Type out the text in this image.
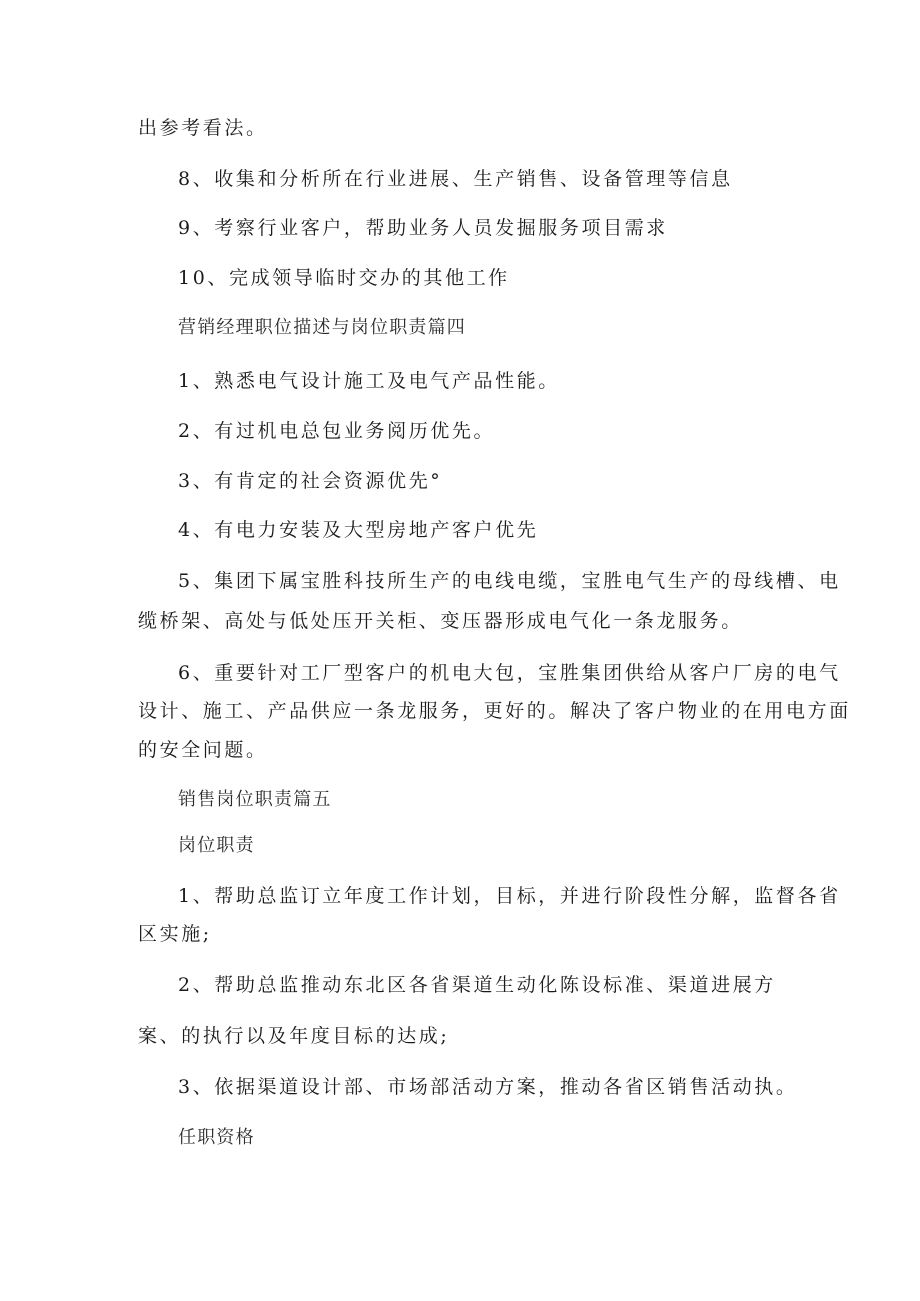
出参考看法。
8、收集和分析所在行业进展、生产销售、设备管理等信息
9、考察行业客户，帮助业务人员发掘服务项目需求
10、完成领导临时交办的其他工作
营销经理职位描述与岗位职责篇四
1、熟悉电气设计施工及电气产品性能。
2、有过机电总包业务阅历优先。
3、有肯定的社会资源优先°
4、有电力安装及大型房地产客户优先
5、集团下属宝胜科技所生产的电线电缆，宝胜电气生产的母线槽、电
缆桥架、高处与低处压开关柜、变压器形成电气化一条龙服务。
6、重要针对工厂型客户的机电大包，宝胜集团供给从客户厂房的电气
设计、施工、产品供应一条龙服务，更好的。解决了客户物业的在用电方面
的安全问题。
销售岗位职责篇五
岗位职责
1、帮助总监订立年度工作计划，目标，并进行阶段性分解，监督各省
区实施;
2、帮助总监推动东北区各省渠道生动化陈设标准、渠道进展方
案、的执行以及年度目标的达成;
3、依据渠道设计部、市场部活动方案，推动各省区销售活动执。
任职资格
